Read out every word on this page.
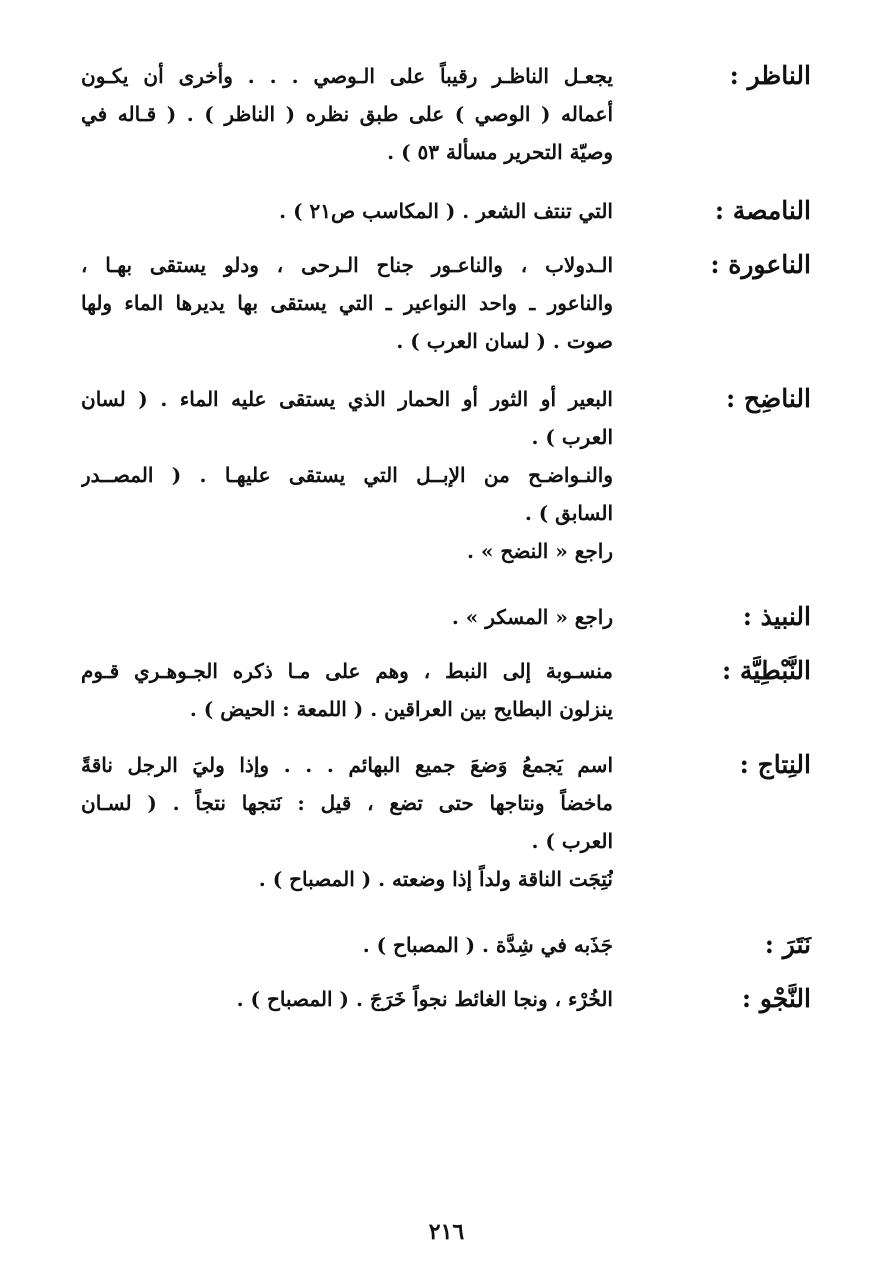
الناظر :
يجعـل الناظـر رقيباً على الـوصي . . . وأخرى أن يكـون
أعماله ( الوصي ) على طبق نظره ( الناظر ) . ( قـاله في
وصيّة التحرير مسألة ٥٣ ) .
النامصة :
التي تنتف الشعر . ( المكاسب ص٢١ ) .
الناعورة :
الـدولاب ، والناعـور جناح الـرحى ، ودلو يستقى بهـا ،
والناعور ـ واحد النواعير ـ التي يستقى بها يديرها الماء ولها
صوت . ( لسان العرب ) .
الناضِح :
البعير أو الثور أو الحمار الذي يستقى عليه الماء . ( لسان
العرب ) .
والنـواضـح من الإبــل التي يستقى عليهـا . ( المصــدر
السابق ) .
راجع « النضح » .
النبيذ :
راجع « المسكر » .
النَّبْطِيَّة :
منسـوبة إلى النبط ، وهم على مـا ذكره الجـوهـري قـوم
ينزلون البطايح بين العراقين . ( اللمعة : الحيض ) .
النِتاج :
اسم يَجمعُ وَضعَ جميع البهائم . . . وإذا وليَ الرجل ناقةً
ماخضاً ونتاجها حتى تضع ، قيل : نَتجها نتجاً . ( لسـان
العرب ) .
نُتِجَت الناقة ولداً إذا وضعته . ( المصباح ) .
نَتَرَ :
جَذَبه في شِدَّة . ( المصباح ) .
النَّجْو :
الخُرْء ، ونجا الغائط نجواً خَرَجَ . ( المصباح ) .
٢١٦
